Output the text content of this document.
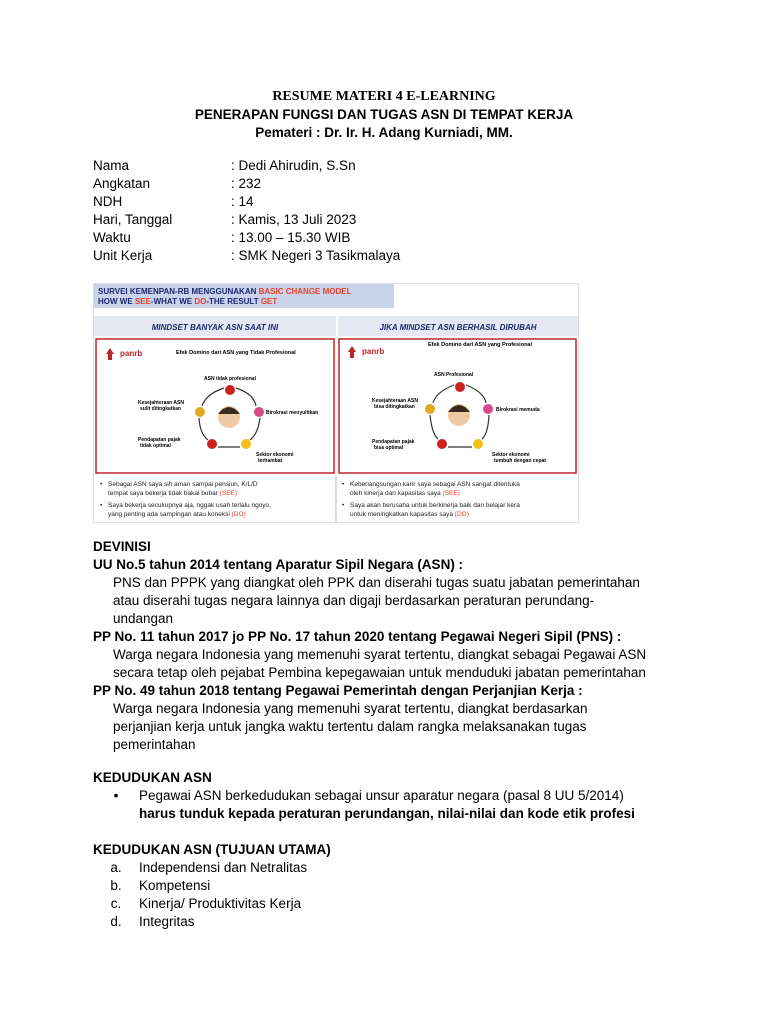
RESUME MATERI 4 E-LEARNING
PENERAPAN FUNGSI DAN TUGAS ASN DI TEMPAT KERJA
Pemateri : Dr. Ir. H. Adang Kurniadi, MM.
Nama	: Dedi Ahirudin, S.Sn
Angkatan	: 232
NDH	: 14
Hari, Tanggal	: Kamis, 13 Juli 2023
Waktu	: 13.00 – 15.30 WIB
Unit Kerja	: SMK Negeri 3 Tasikmalaya
SURVEI KEMENPAN-RB MENGGUNAKAN BASIC CHANGE MODEL
HOW WE SEE-WHAT WE DO-THE RESULT GET
MINDSET BANYAK ASN SAAT INI	JIKA MINDSET ASN BERHASIL DIRUBAH
panrb	Efek Domino dari ASN yang Tidak Profesional
ASN tidak profesional
Kesejahteraan ASN
sulit ditingkatkan
Birokrasi menyulitkan
Pendapatan pajak
tidak optimal
Sektor ekonomi
terhambat
panrb
Efek Domino dari ASN yang Profesional
ASN Profesional
Kesejahteraan ASN
bisa ditingkatkan	Birokrasi memuda
Pendapatan pajak
bisa optimal
Sektor ekonomi
tumbuh dengan cepat
• Sebagai ASN saya sih aman sampai pensiun, K/L/D
tempat saya bekerja tidak bakal bubar (SEE)
• Saya bekerja secukupnya aja, nggak usah terlalu ngoyo,
yang penting ada sampingan atau koneksi (DO)
• Keberlangsungan karir saya sebagai ASN sangat ditentuka
oleh kinerja dan kapasitas saya (SEE)
• Saya akan berusaha untuk berkinerja baik dan belajar kera
untuk meningkatkan kapasitas saya (DO)
DEVINISI
UU No.5 tahun 2014 tentang Aparatur Sipil Negara (ASN) :
PNS dan PPPK yang diangkat oleh PPK dan diserahi tugas suatu jabatan pemerintahan
atau diserahi tugas negara lainnya dan digaji berdasarkan peraturan perundang-
undangan
PP No. 11 tahun 2017 jo PP No. 17 tahun 2020 tentang Pegawai Negeri Sipil (PNS) :
Warga negara Indonesia yang memenuhi syarat tertentu, diangkat sebagai Pegawai ASN
secara tetap oleh pejabat Pembina kepegawaian untuk menduduki jabatan pemerintahan
PP No. 49 tahun 2018 tentang Pegawai Pemerintah dengan Perjanjian Kerja :
Warga negara Indonesia yang memenuhi syarat tertentu, diangkat berdasarkan
perjanjian kerja untuk jangka waktu tertentu dalam rangka melaksanakan tugas
pemerintahan
KEDUDUKAN ASN
•	Pegawai ASN berkedudukan sebagai unsur aparatur negara (pasal 8 UU 5/2014)
harus tunduk kepada peraturan perundangan, nilai-nilai dan kode etik profesi
KEDUDUKAN ASN (TUJUAN UTAMA)
a.	Independensi dan Netralitas
b.	Kompetensi
c.	Kinerja/ Produktivitas Kerja
d.	Integritas
